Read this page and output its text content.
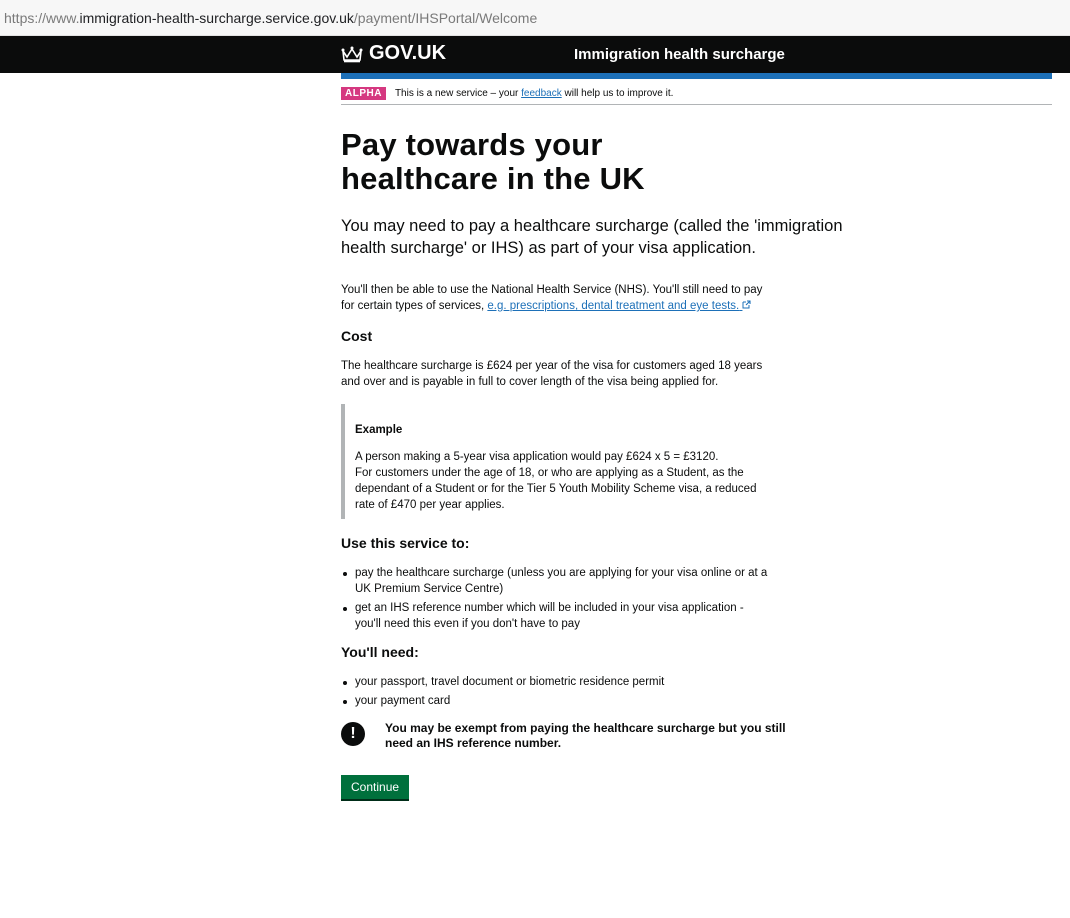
https://www.immigration-health-surcharge.service.gov.uk/payment/IHSPortal/Welcome
GOV.UK	Immigration health surcharge
ALPHA	This is a new service – your feedback will help us to improve it.
Pay towards your healthcare in the UK

You may need to pay a healthcare surcharge (called the 'immigration health surcharge' or IHS) as part of your visa application.

You'll then be able to use the National Health Service (NHS). You'll still need to pay for certain types of services, e.g. prescriptions, dental treatment and eye tests.

Cost

The healthcare surcharge is £624 per year of the visa for customers aged 18 years and over and is payable in full to cover length of the visa being applied for.

Example

A person making a 5-year visa application would pay £624 x 5 = £3120.

For customers under the age of 18, or who are applying as a Student, as the dependant of a Student or for the Tier 5 Youth Mobility Scheme visa, a reduced rate of £470 per year applies.

Use this service to:
pay the healthcare surcharge (unless you are applying for your visa online or at a UK Premium Service Centre)
get an IHS reference number which will be included in your visa application - you'll need this even if you don't have to pay
You'll need:
your passport, travel document or biometric residence permit
your payment card
!	You may be exempt from paying the healthcare surcharge but you still need an IHS reference number.
Continue
